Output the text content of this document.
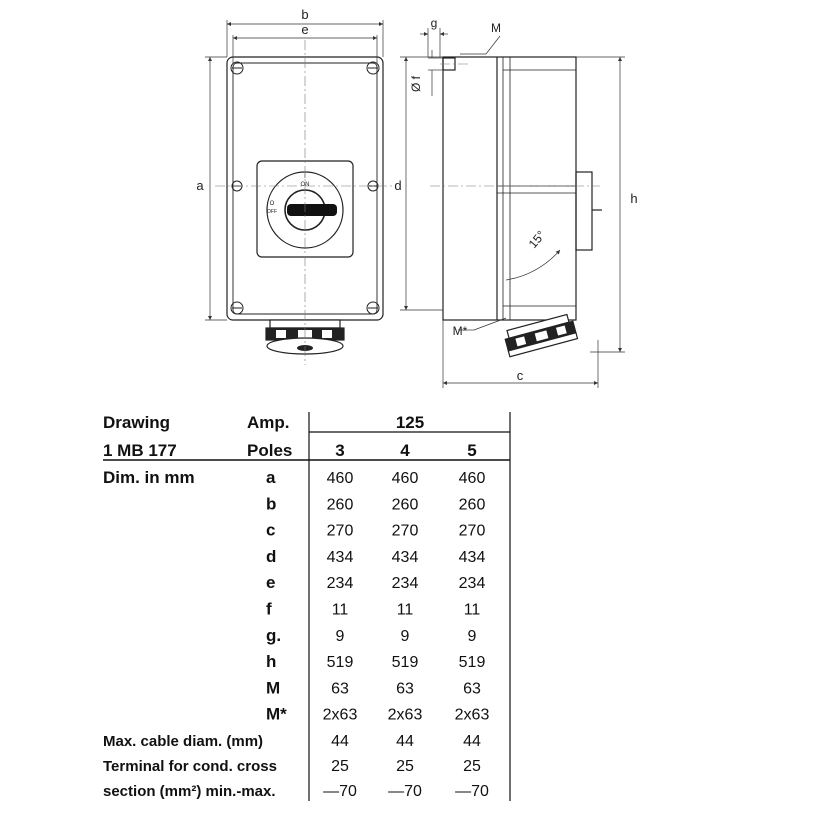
I
ON
O
OFF
b
e
a	d
g	M
Ø f
h
c
M*
15°
Drawing
1 MB 177
Amp.	125
Poles	3	4	5
Dim. in mm	a	460 460	460
b	260 260	260
c	270 270	270
d	434 434	434
e	234 234	234
f	11	11	11
g.	9	9	9
h	519 519	519
M	63	63	63
M* 2x63 2x63 2x63
Max. cable diam. (mm)	44	44	44
Terminal for cond. cross	25	25	25
section (mm²) min.-max.	—70 —70 —70
